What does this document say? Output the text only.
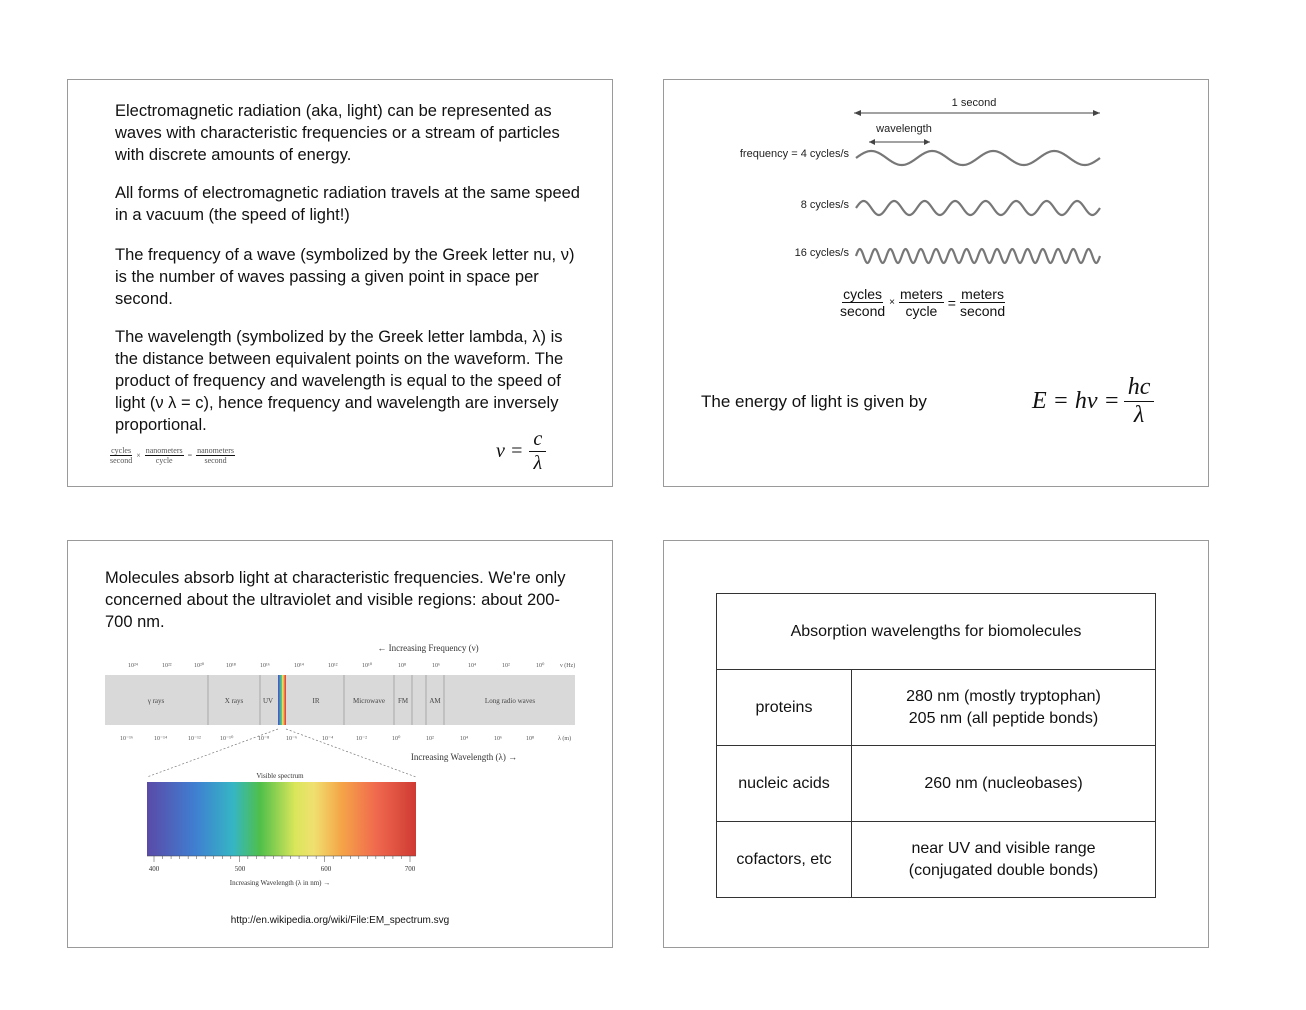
Electromagnetic radiation (aka, light) can be represented as waves with characteristic frequencies or a stream of particles with discrete amounts of energy.

All forms of electromagnetic radiation travels at the same speed in a vacuum (the speed of light!)

The frequency of a wave (symbolized by the Greek letter nu, ν) is the number of waves passing a given point in space per second.

The wavelength (symbolized by the Greek letter lambda, λ) is the distance between equivalent points on the waveform. The product of frequency and wavelength is equal to the speed of light (ν λ = c), hence frequency and wavelength are inversely proportional.

$\frac{\text{cycles}}{\text{second}} \times \frac{\text{nanometers}}{\text{cycle}} = \frac{\text{nanometers}}{\text{second}}$	$\nu = \frac{c}{\lambda}$
1 second
wavelength
frequency = 4 cycles/s
8 cycles/s
16 cycles/s
$\frac{\text{cycles}}{\text{second}} \times \frac{\text{meters}}{\text{cycle}} = \frac{\text{meters}}{\text{second}}$
The energy of light is given by	$E = h\nu = \frac{hc}{\lambda}$

Molecules absorb light at characteristic frequencies. We're only concerned about the ultraviolet and visible regions: about 200-700 nm.

← Increasing Frequency (ν)
10²⁴	10²²	10²⁰	10¹⁸	10¹⁶	10¹⁴	10¹²	10¹⁰	10⁸	10⁶	10⁴	10²	10⁰	ν (Hz)
γ rays	X rays	UV	IR	Microwave FM	AM	Long radio waves
10⁻¹⁶	10⁻¹⁴	10⁻¹²	10⁻¹⁰	10⁻⁸	10⁻⁶	10⁻⁴	10⁻²	10⁰	10²	10⁴	10⁶	10⁸	λ (m)
Increasing Wavelength (λ) →
Visible spectrum
400	500	600	700
Increasing Wavelength (λ in nm) →
http://en.wikipedia.org/wiki/File:EM_spectrum.svg
Absorption wavelengths for biomolecules	
proteins	280 nm (mostly tryptophan)
205 nm (all peptide bonds)

nucleic acids	260 nm (nucleobases)

cofactors, etc	near UV and visible range
(conjugated double bonds)
